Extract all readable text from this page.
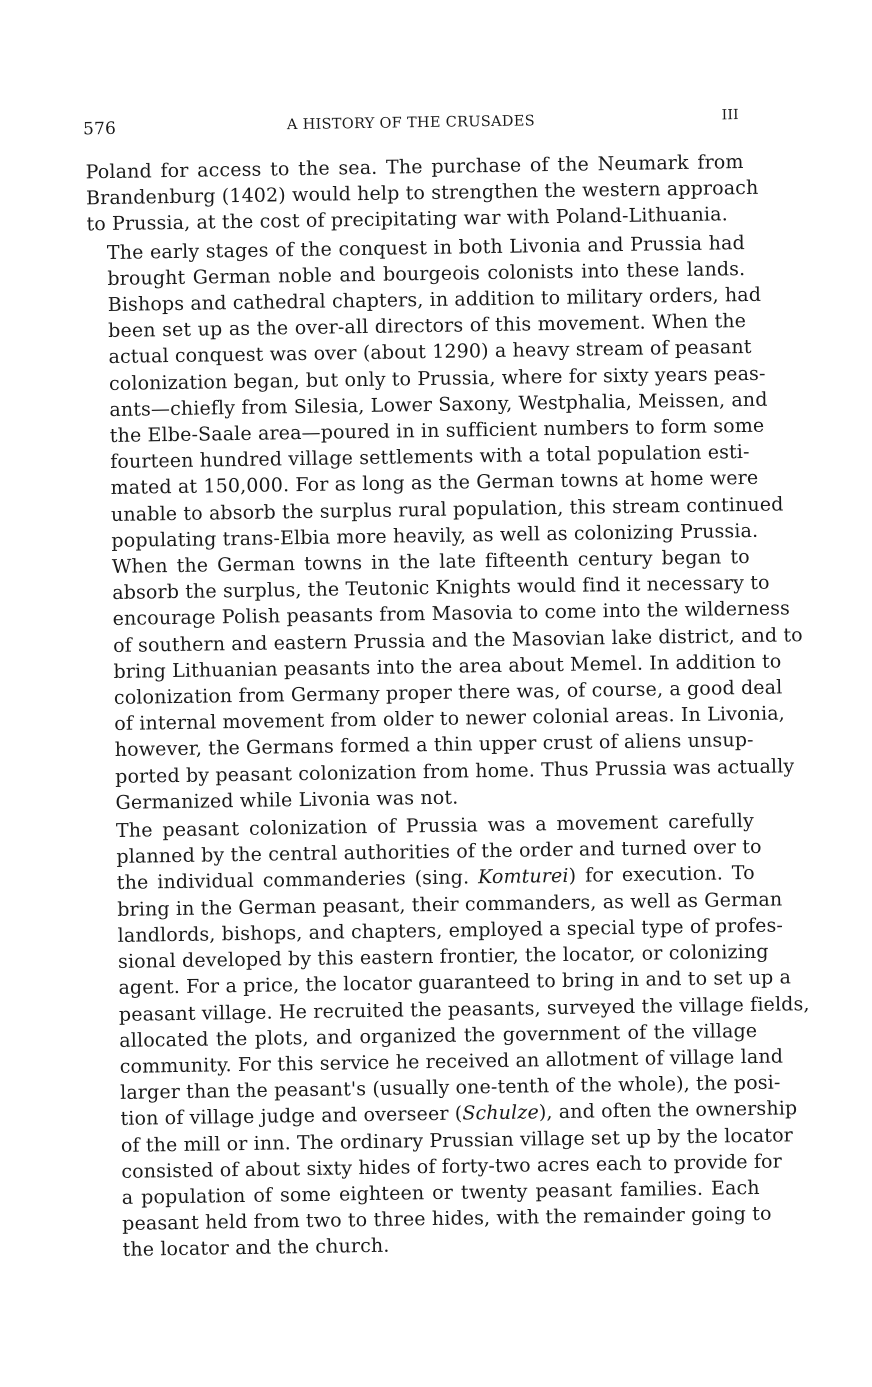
576	A HISTORY OF THE CRUSADES	III
Poland for access to the sea. The purchase of the Neumark from
Brandenburg (1402) would help to strengthen the western approach
to Prussia, at the cost of precipitating war with Poland-Lithuania.
The early stages of the conquest in both Livonia and Prussia had
brought German noble and bourgeois colonists into these lands.
Bishops and cathedral chapters, in addition to military orders, had
been set up as the over-all directors of this movement. When the
actual conquest was over (about 1290) a heavy stream of peasant
colonization began, but only to Prussia, where for sixty years peas-
ants—chiefly from Silesia, Lower Saxony, Westphalia, Meissen, and
the Elbe-Saale area—poured in in sufficient numbers to form some
fourteen hundred village settlements with a total population esti-
mated at 150,000. For as long as the German towns at home were
unable to absorb the surplus rural population, this stream continued
populating trans-Elbia more heavily, as well as colonizing Prussia.
When the German towns in the late fifteenth century began to
absorb the surplus, the Teutonic Knights would find it necessary to
encourage Polish peasants from Masovia to come into the wilderness
of southern and eastern Prussia and the Masovian lake district, and to
bring Lithuanian peasants into the area about Memel. In addition to
colonization from Germany proper there was, of course, a good deal
of internal movement from older to newer colonial areas. In Livonia,
however, the Germans formed a thin upper crust of aliens unsup-
ported by peasant colonization from home. Thus Prussia was actually
Germanized while Livonia was not.
The peasant colonization of Prussia was a movement carefully
planned by the central authorities of the order and turned over to
the individual commanderies (sing. Komturei) for execution. To
bring in the German peasant, their commanders, as well as German
landlords, bishops, and chapters, employed a special type of profes-
sional developed by this eastern frontier, the locator, or colonizing
agent. For a price, the locator guaranteed to bring in and to set up a
peasant village. He recruited the peasants, surveyed the village fields,
allocated the plots, and organized the government of the village
community. For this service he received an allotment of village land
larger than the peasant's (usually one-tenth of the whole), the posi-
tion of village judge and overseer (Schulze), and often the ownership
of the mill or inn. The ordinary Prussian village set up by the locator
consisted of about sixty hides of forty-two acres each to provide for
a population of some eighteen or twenty peasant families. Each
peasant held from two to three hides, with the remainder going to
the locator and the church.
